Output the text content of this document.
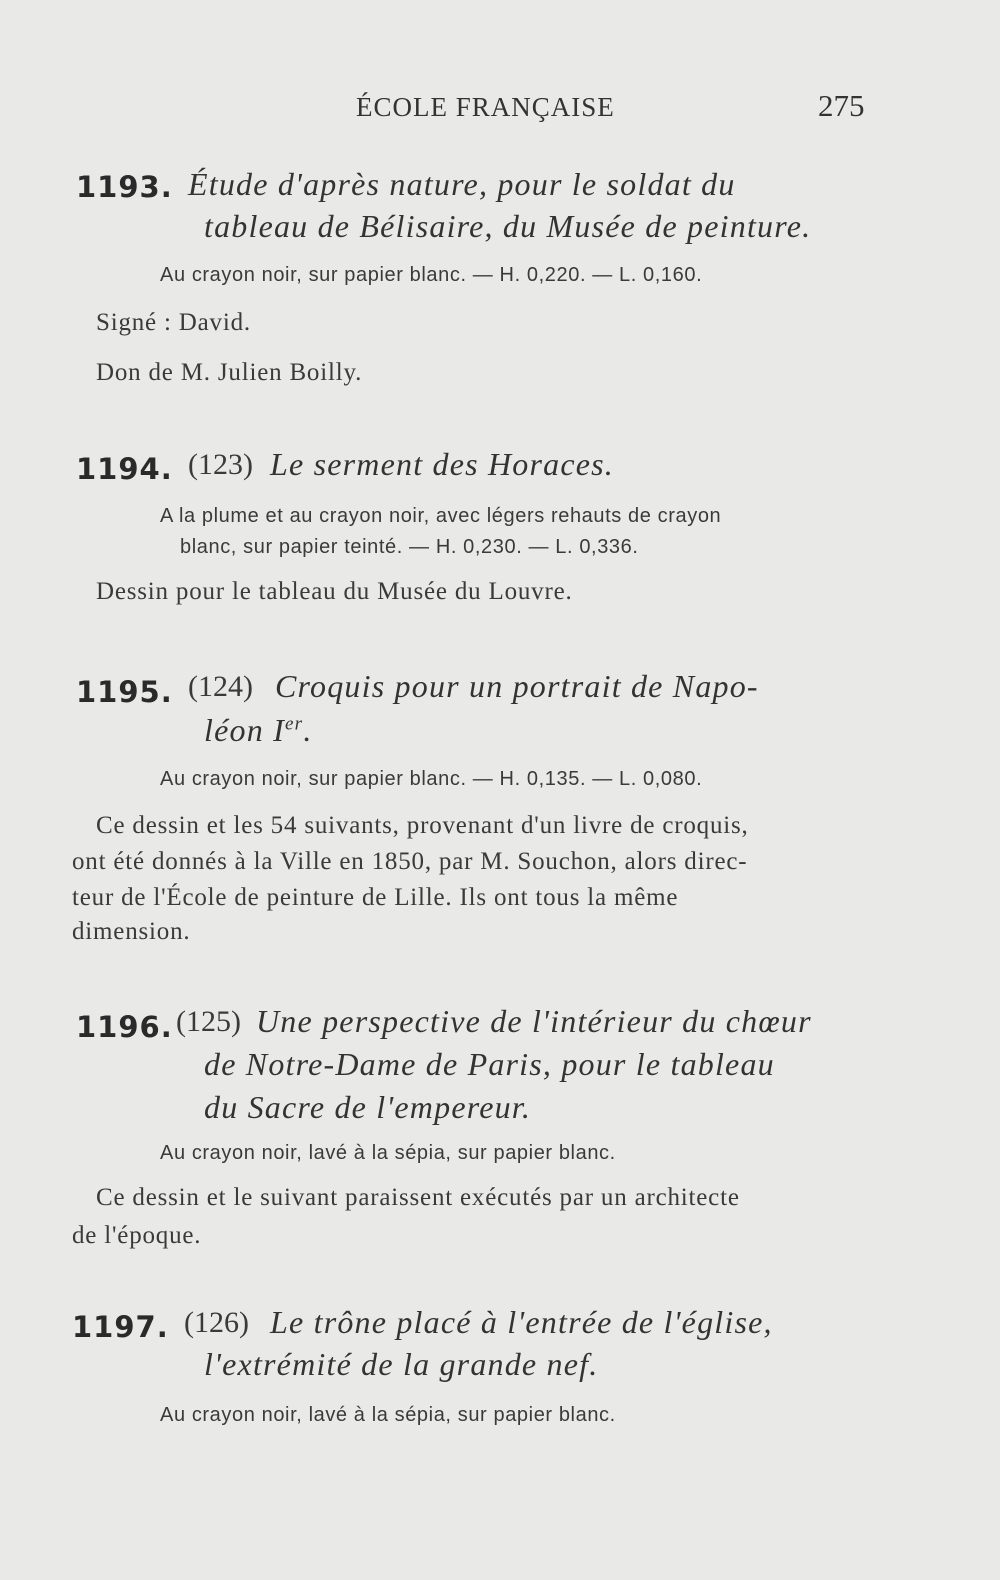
ÉCOLE FRANÇAISE	275
1193. Étude d'après nature, pour le soldat du
tableau de Bélisaire, du Musée de peinture.
Au crayon noir, sur papier blanc. — H. 0,220. — L. 0,160.
Signé : David.
Don de M. Julien Boilly.
1194. (123) Le serment des Horaces.
A la plume et au crayon noir, avec légers rehauts de crayon
blanc, sur papier teinté. — H. 0,230. — L. 0,336.
Dessin pour le tableau du Musée du Louvre.
1195. (124) Croquis pour un portrait de Napo-
léon Ier.
Au crayon noir, sur papier blanc. — H. 0,135. — L. 0,080.
Ce dessin et les 54 suivants, provenant d'un livre de croquis,
ont été donnés à la Ville en 1850, par M. Souchon, alors direc-
teur de l'École de peinture de Lille. Ils ont tous la même
dimension.
1196. (125) Une perspective de l'intérieur du chœur
de Notre-Dame de Paris, pour le tableau
du Sacre de l'empereur.
Au crayon noir, lavé à la sépia, sur papier blanc.
Ce dessin et le suivant paraissent exécutés par un architecte
de l'époque.
1197. (126) Le trône placé à l'entrée de l'église,
l'extrémité de la grande nef.
Au crayon noir, lavé à la sépia, sur papier blanc.
